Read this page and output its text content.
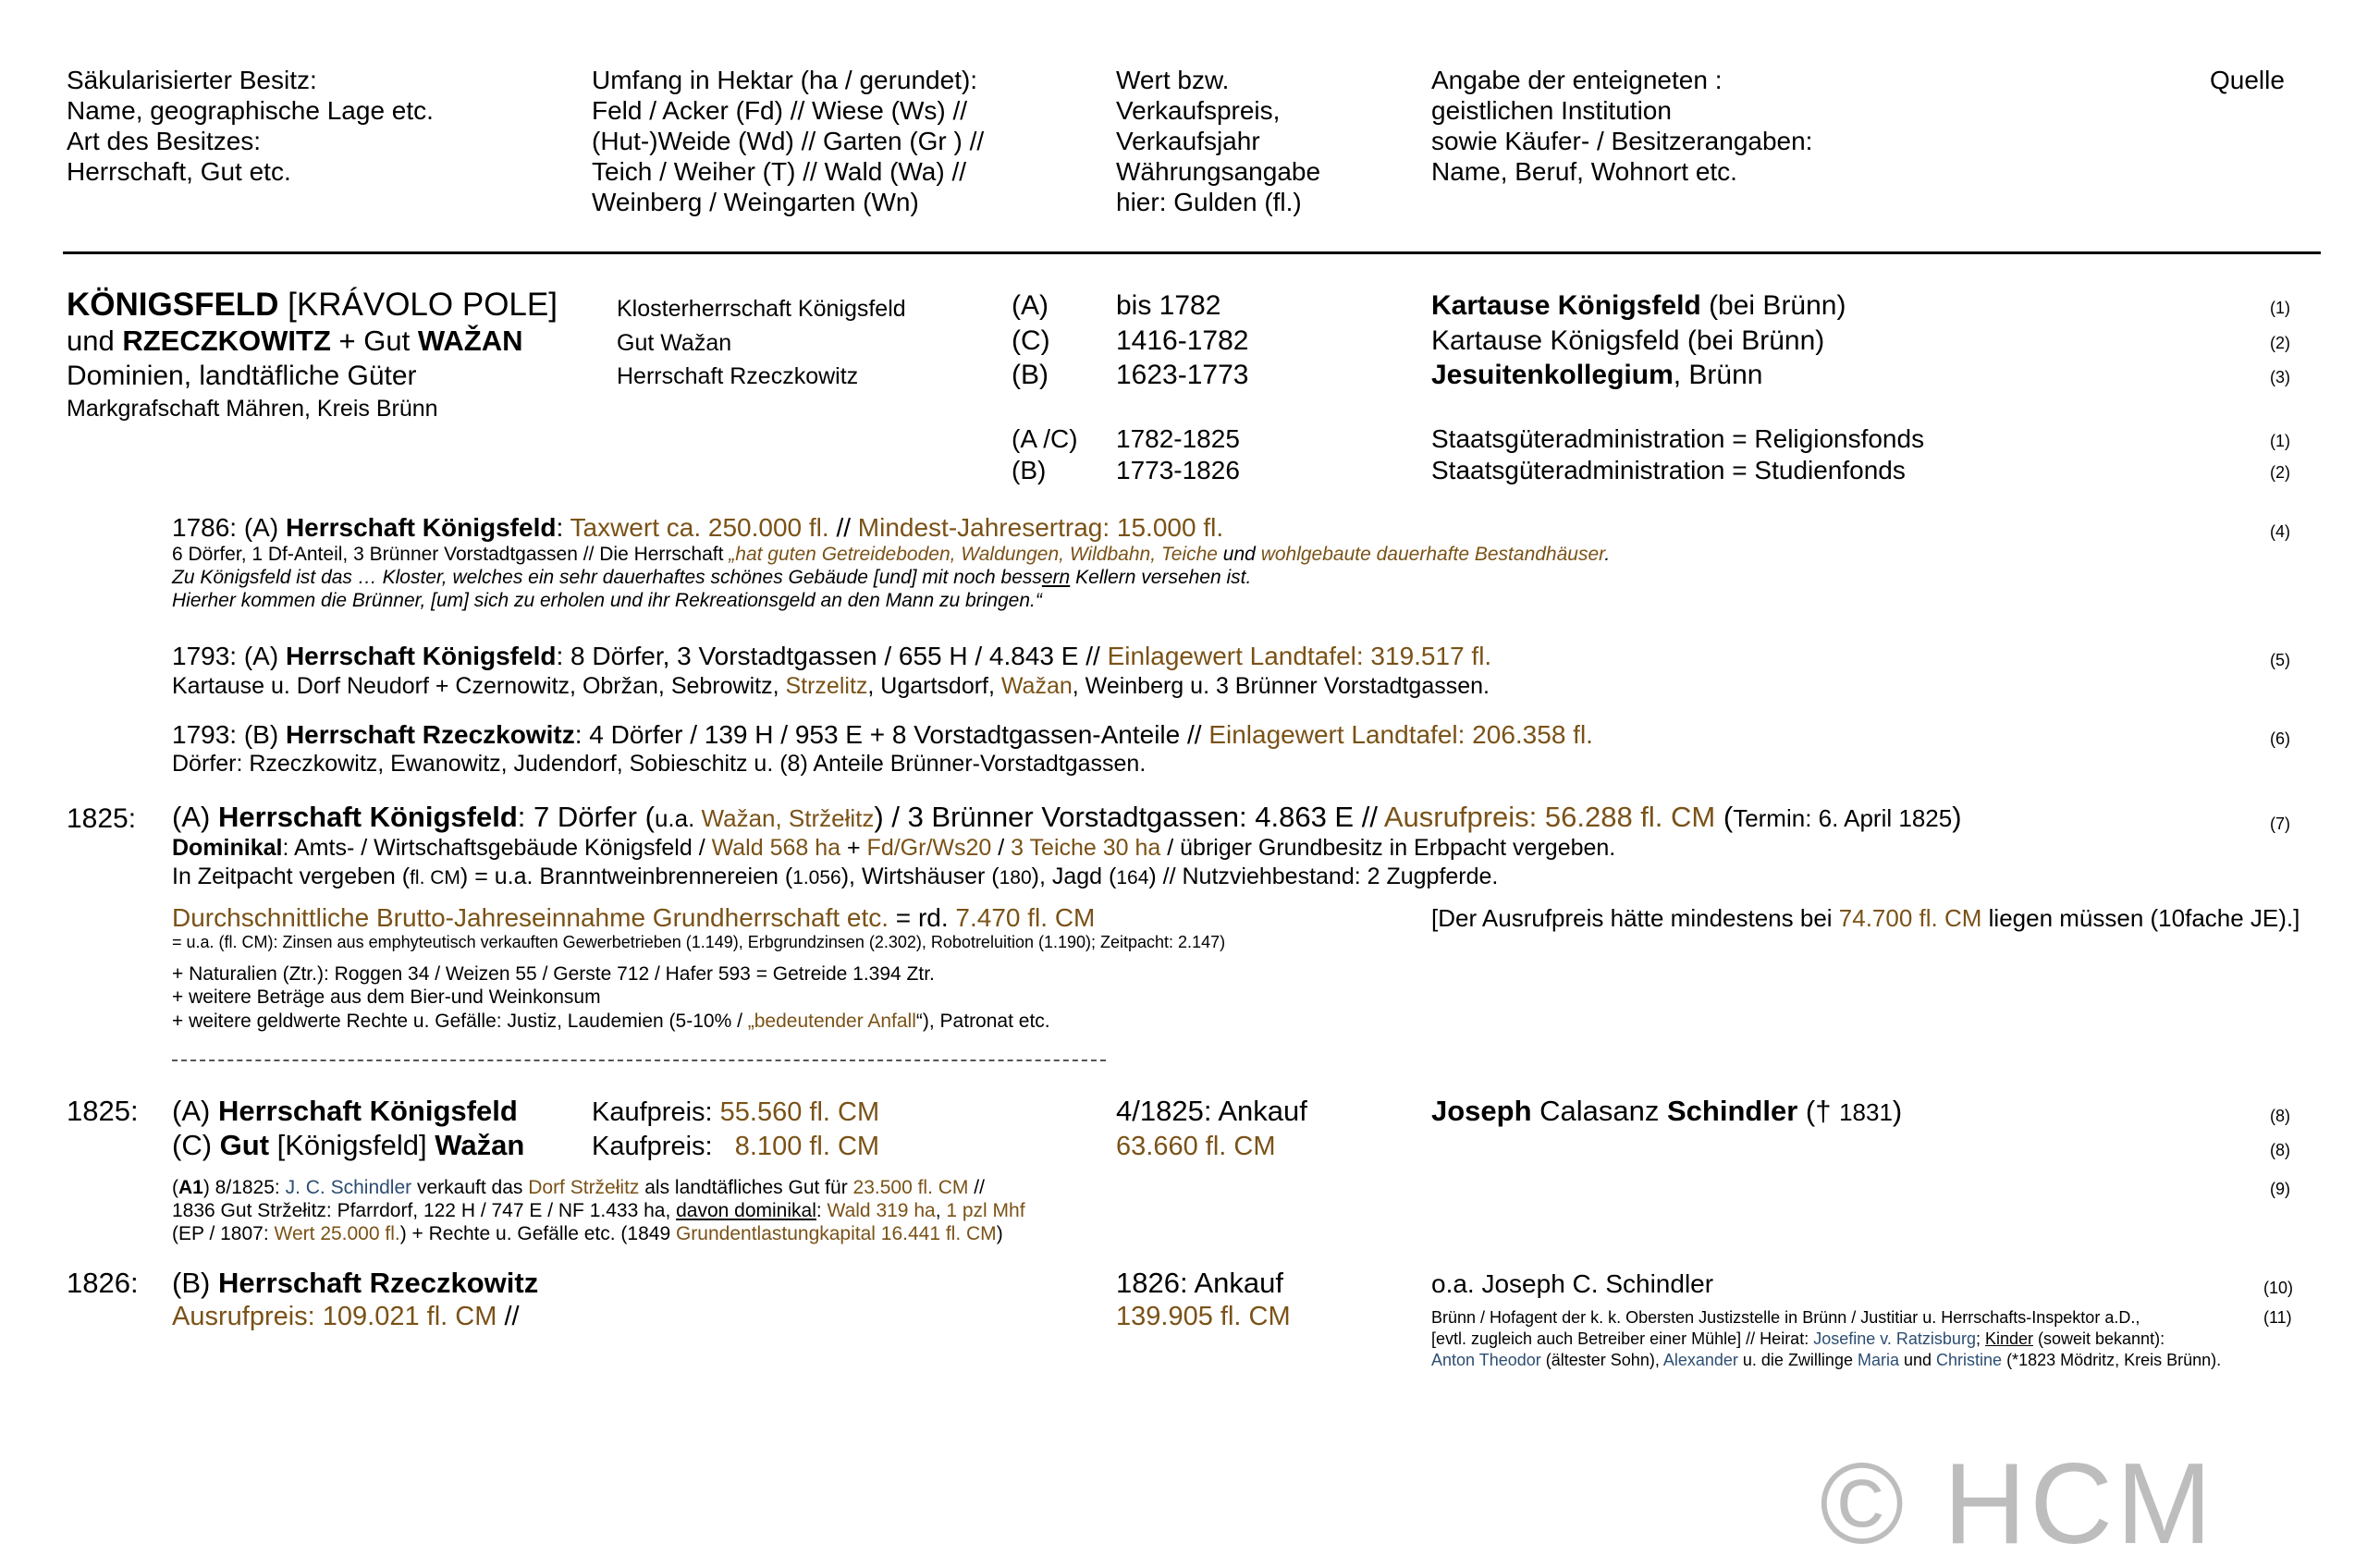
Säkularisierter Besitz:
Name, geographische Lage etc.
Art des Besitzes:
Herrschaft, Gut etc.
Umfang in Hektar (ha / gerundet):
Feld / Acker (Fd) // Wiese (Ws) //
(Hut-)Weide (Wd) // Garten (Gr ) //
Teich / Weiher (T) // Wald (Wa) //
Weinberg / Weingarten (Wn)
Wert bzw.
Verkaufspreis,
Verkaufsjahr
Währungsangabe
hier: Gulden (fl.)
Angabe der enteigneten :
geistlichen Institution
sowie Käufer- / Besitzerangaben:
Name, Beruf, Wohnort etc.
Quelle
KÖNIGSFELD [KRÁVOLO POLE]
und RZECZKOWITZ + Gut WAŽAN
Dominien, landtäfliche Güter
Markgrafschaft Mähren, Kreis Brünn
Klosterherrschaft Königsfeld
Gut Wažan
Herrschaft Rzeczkowitz
(A) bis 1782	Kartause Königsfeld (bei Brünn)	(1)
(C) 1416-1782	Kartause Königsfeld (bei Brünn)	(2)
(B) 1623-1773	Jesuitenkollegium, Brünn	(3)
(A /C) 1782-1825	Staatsgüteradministration = Religionsfonds	(1)
(B)	1773-1826	Staatsgüteradministration = Studienfonds	(2)
1786: (A) Herrschaft Königsfeld: Taxwert ca. 250.000 fl. // Mindest-Jahresertrag: 15.000 fl.	(4)
6 Dörfer, 1 Df-Anteil, 3 Brünner Vorstadtgassen // Die Herrschaft „hat guten Getreideboden, Waldungen, Wildbahn, Teiche und wohlgebaute dauerhafte Bestandhäuser.
Zu Königsfeld ist das … Kloster, welches ein sehr dauerhaftes schönes Gebäude [und] mit noch bessern Kellern versehen ist.
Hierher kommen die Brünner, [um] sich zu erholen und ihr Rekreationsgeld an den Mann zu bringen.“
1793: (A) Herrschaft Königsfeld: 8 Dörfer, 3 Vorstadtgassen / 655 H / 4.843 E // Einlagewert Landtafel: 319.517 fl.	(5)
Kartause u. Dorf Neudorf + Czernowitz, Obržan, Sebrowitz, Strzelitz, Ugartsdorf, Wažan, Weinberg u. 3 Brünner Vorstadtgassen.
1793: (B) Herrschaft Rzeczkowitz: 4 Dörfer / 139 H / 953 E + 8 Vorstadtgassen-Anteile // Einlagewert Landtafel: 206.358 fl.	(6)
Dörfer: Rzeczkowitz, Ewanowitz, Judendorf, Sobieschitz u. (8) Anteile Brünner-Vorstadtgassen.
1825: (A) Herrschaft Königsfeld: 7 Dörfer (u.a. Wažan, Stržełitz) / 3 Brünner Vorstadtgassen: 4.863 E // Ausrufpreis: 56.288 fl. CM (Termin: 6. April 1825)	(7)
Dominikal: Amts- / Wirtschaftsgebäude Königsfeld / Wald 568 ha + Fd/Gr/Ws20 / 3 Teiche 30 ha / übriger Grundbesitz in Erbpacht vergeben.
In Zeitpacht vergeben (fl. CM) = u.a. Branntweinbrennereien (1.056), Wirtshäuser (180), Jagd (164) // Nutzviehbestand: 2 Zugpferde.
Durchschnittliche Brutto-Jahreseinnahme Grundherrschaft etc. = rd. 7.470 fl. CM	[Der Ausrufpreis hätte mindestens bei 74.700 fl. CM liegen müssen (10fache JE).]
= u.a. (fl. CM): Zinsen aus emphyteutisch verkauften Gewerbetrieben (1.149), Erbgrundzinsen (2.302), Robotreluition (1.190); Zeitpacht: 2.147)
+ Naturalien (Ztr.): Roggen 34 / Weizen 55 / Gerste 712 / Hafer 593 = Getreide 1.394 Ztr.
+ weitere Beträge aus dem Bier-und Weinkonsum
+ weitere geldwerte Rechte u. Gefälle: Justiz, Laudemien (5-10% / „bedeutender Anfall“), Patronat etc.
1825: (A) Herrschaft Königsfeld	Kaufpreis: 55.560 fl. CM	4/1825: Ankauf	Joseph Calasanz Schindler († 1831)	(8)
(C) Gut [Königsfeld] Wažan	Kaufpreis:   8.100 fl. CM	63.660 fl. CM	(8)
(A1) 8/1825: J. C. Schindler verkauft das Dorf Stržełitz als landtäfliches Gut für 23.500 fl. CM //	(9)
1836 Gut Stržełitz: Pfarrdorf, 122 H / 747 E / NF 1.433 ha, davon dominikal: Wald 319 ha, 1 pzl Mhf
(EP / 1807: Wert 25.000 fl.) + Rechte u. Gefälle etc. (1849 Grundentlastungkapital 16.441 fl. CM)
1826: (B) Herrschaft Rzeczkowitz	1826: Ankauf	o.a. Joseph C. Schindler	(10)
Ausrufpreis: 109.021 fl. CM //	139.905 fl. CM	Brünn / Hofagent der k. k. Obersten Justizstelle in Brünn / Justitiar u. Herrschafts-Inspektor a.D.,	(11)
[evtl. zugleich auch Betreiber einer Mühle] // Heirat: Josefine v. Ratzisburg; Kinder (soweit bekannt):
Anton Theodor (ältester Sohn), Alexander u. die Zwillinge Maria und Christine (*1823 Mödritz, Kreis Brünn).
© HCM
